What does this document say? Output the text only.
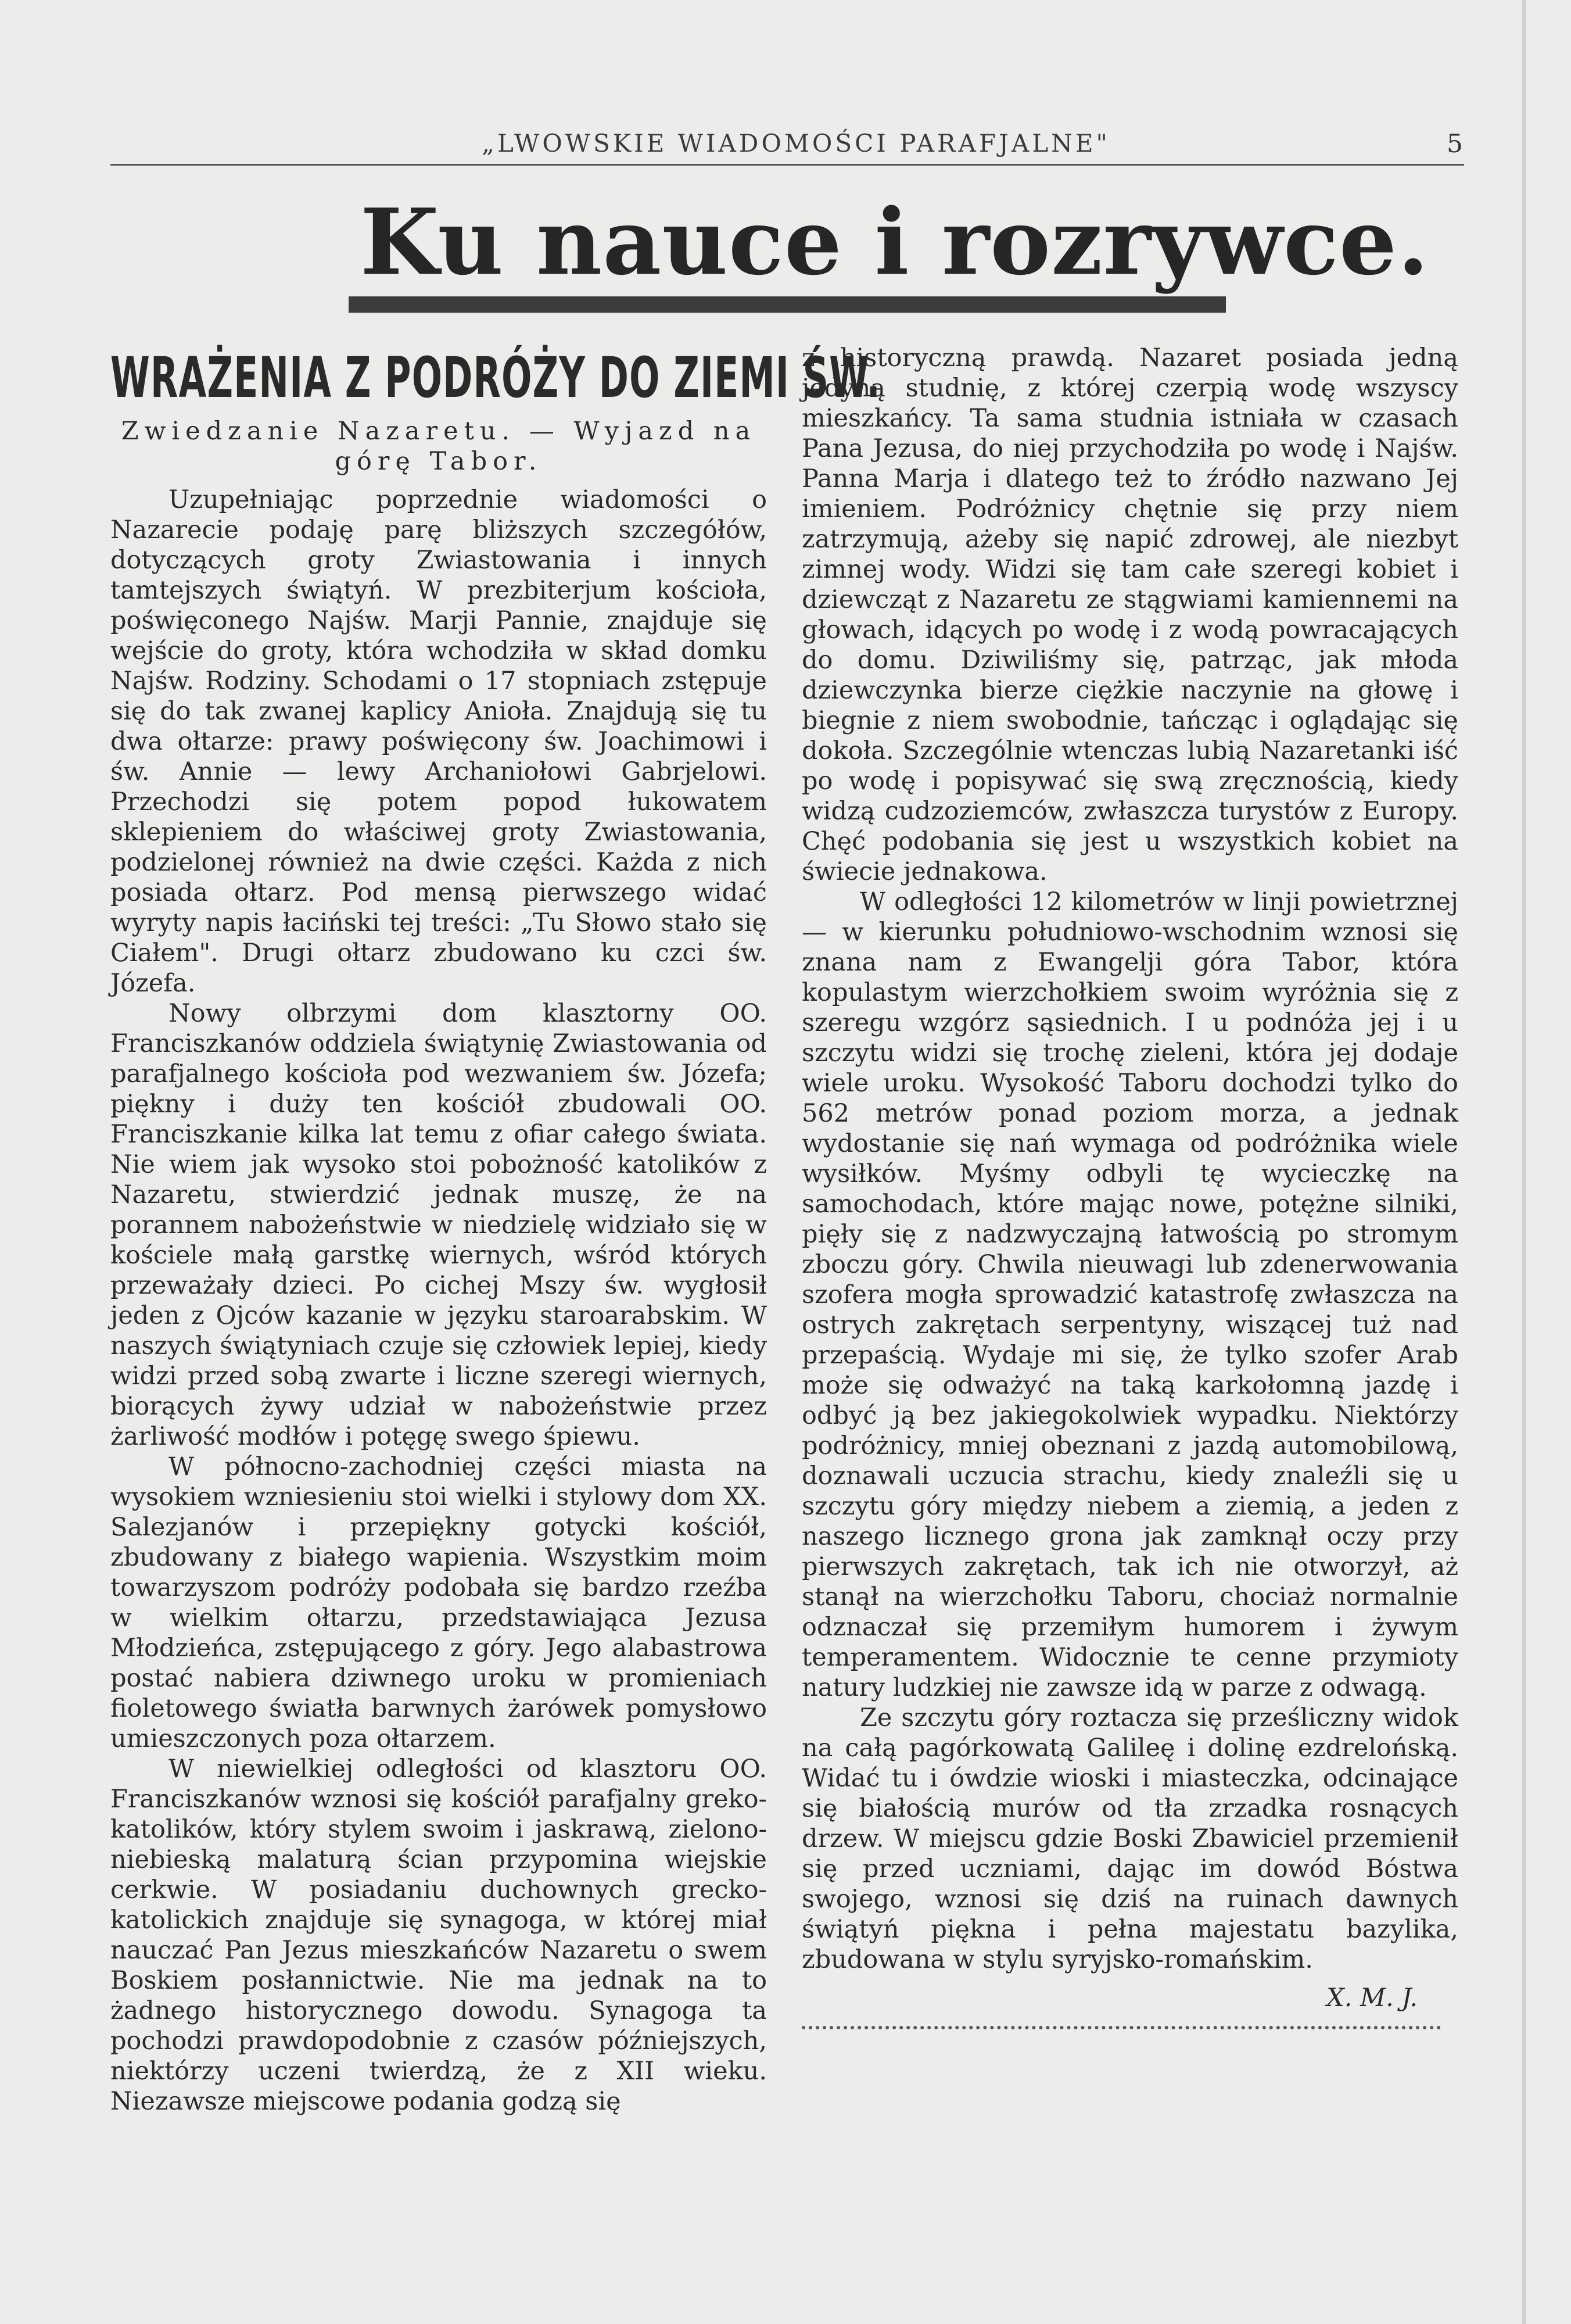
„LWOWSKIE WIADOMOŚCI PARAFJALNE"	5
Ku nauce i rozrywce.
WRAŻENIA Z PODRÓŻY DO ZIEMI ŚW.
Zwiedzanie Nazaretu. — Wyjazd na górę Tabor.

Uzupełniając poprzednie wiadomości o Nazarecie podaję parę bliższych szczegółów, dotyczących groty Zwiastowania i innych tamtejszych świątyń. W prezbiterjum kościoła, poświęconego Najśw. Marji Pannie, znajduje się wejście do groty, która wchodziła w skład domku Najśw. Rodziny. Schodami o 17 stopniach zstępuje się do tak zwanej kaplicy Anioła. Znajdują się tu dwa ołtarze: prawy poświęcony św. Joachimowi i św. Annie — lewy Archaniołowi Gabrjelowi. Przechodzi się potem popod łukowatem sklepieniem do właściwej groty Zwiastowania, podzielonej również na dwie części. Każda z nich posiada ołtarz. Pod mensą pierwszego widać wyryty napis łaciński tej treści: „Tu Słowo stało się Ciałem". Drugi ołtarz zbudowano ku czci św. Józefa.

Nowy olbrzymi dom klasztorny OO. Franciszkanów oddziela świątynię Zwiastowania od parafjalnego kościoła pod wezwaniem św. Józefa; piękny i duży ten kościół zbudowali OO. Franciszkanie kilka lat temu z ofiar całego świata. Nie wiem jak wysoko stoi pobożność katolików z Nazaretu, stwierdzić jednak muszę, że na porannem nabożeństwie w niedzielę widziało się w kościele małą garstkę wiernych, wśród których przeważały dzieci. Po cichej Mszy św. wygłosił jeden z Ojców kazanie w języku staroarabskim. W naszych świątyniach czuje się człowiek lepiej, kiedy widzi przed sobą zwarte i liczne szeregi wiernych, biorących żywy udział w nabożeństwie przez żarliwość modłów i potęgę swego śpiewu.

W północno-zachodniej części miasta na wysokiem wzniesieniu stoi wielki i stylowy dom XX. Salezjanów i przepiękny gotycki kościół, zbudowany z białego wapienia. Wszystkim moim towarzyszom podróży podobała się bardzo rzeźba w wielkim ołtarzu, przedstawiająca Jezusa Młodzieńca, zstępującego z góry. Jego alabastrowa postać nabiera dziwnego uroku w promieniach fioletowego światła barwnych żarówek pomysłowo umieszczonych poza ołtarzem.

W niewielkiej odległości od klasztoru OO. Franciszkanów wznosi się kościół parafjalny greko-katolików, który stylem swoim i jaskrawą, zielono-niebieską malaturą ścian przypomina wiejskie cerkwie. W posiadaniu duchownych grecko-katolickich znajduje się synagoga, w której miał nauczać Pan Jezus mieszkańców Nazaretu o swem Boskiem posłannictwie. Nie ma jednak na to żadnego historycznego dowodu. Synagoga ta pochodzi prawdopodobnie z czasów późniejszych, niektórzy uczeni twierdzą, że z XII wieku. Niezawsze miejscowe podania godzą się

z historyczną prawdą. Nazaret posiada jedną jedyną studnię, z której czerpią wodę wszyscy mieszkańcy. Ta sama studnia istniała w czasach Pana Jezusa, do niej przychodziła po wodę i Najśw. Panna Marja i dlatego też to źródło nazwano Jej imieniem. Podróżnicy chętnie się przy niem zatrzymują, ażeby się napić zdrowej, ale niezbyt zimnej wody. Widzi się tam całe szeregi kobiet i dziewcząt z Nazaretu ze stągwiami kamiennemi na głowach, idących po wodę i z wodą powracających do domu. Dziwiliśmy się, patrząc, jak młoda dziewczynka bierze ciężkie naczynie na głowę i biegnie z niem swobodnie, tańcząc i oglądając się dokoła. Szczególnie wtenczas lubią Nazaretanki iść po wodę i popisywać się swą zręcznością, kiedy widzą cudzoziemców, zwłaszcza turystów z Europy. Chęć podobania się jest u wszystkich kobiet na świecie jednakowa.

W odległości 12 kilometrów w linji powietrznej — w kierunku południowo-wschodnim wznosi się znana nam z Ewangelji góra Tabor, która kopulastym wierzchołkiem swoim wyróżnia się z szeregu wzgórz sąsiednich. I u podnóża jej i u szczytu widzi się trochę zieleni, która jej dodaje wiele uroku. Wysokość Taboru dochodzi tylko do 562 metrów ponad poziom morza, a jednak wydostanie się nań wymaga od podróżnika wiele wysiłków. Myśmy odbyli tę wycieczkę na samochodach, które mając nowe, potężne silniki, pięły się z nadzwyczajną łatwością po stromym zboczu góry. Chwila nieuwagi lub zdenerwowania szofera mogła sprowadzić katastrofę zwłaszcza na ostrych zakrętach serpentyny, wiszącej tuż nad przepaścią. Wydaje mi się, że tylko szofer Arab może się odważyć na taką karkołomną jazdę i odbyć ją bez jakiegokolwiek wypadku. Niektórzy podróżnicy, mniej obeznani z jazdą automobilową, doznawali uczucia strachu, kiedy znaleźli się u szczytu góry między niebem a ziemią, a jeden z naszego licznego grona jak zamknął oczy przy pierwszych zakrętach, tak ich nie otworzył, aż stanął na wierzchołku Taboru, chociaż normalnie odznaczał się przemiłym humorem i żywym temperamentem. Widocznie te cenne przymioty natury ludzkiej nie zawsze idą w parze z odwagą.

Ze szczytu góry roztacza się prześliczny widok na całą pagórkowatą Galileę i dolinę ezdrelońską. Widać tu i ówdzie wioski i miasteczka, odcinające się białością murów od tła zrzadka rosnących drzew. W miejscu gdzie Boski Zbawiciel przemienił się przed uczniami, dając im dowód Bóstwa swojego, wznosi się dziś na ruinach dawnych świątyń piękna i pełna majestatu bazylika, zbudowana w stylu syryjsko-romańskim.

X. M. J.
